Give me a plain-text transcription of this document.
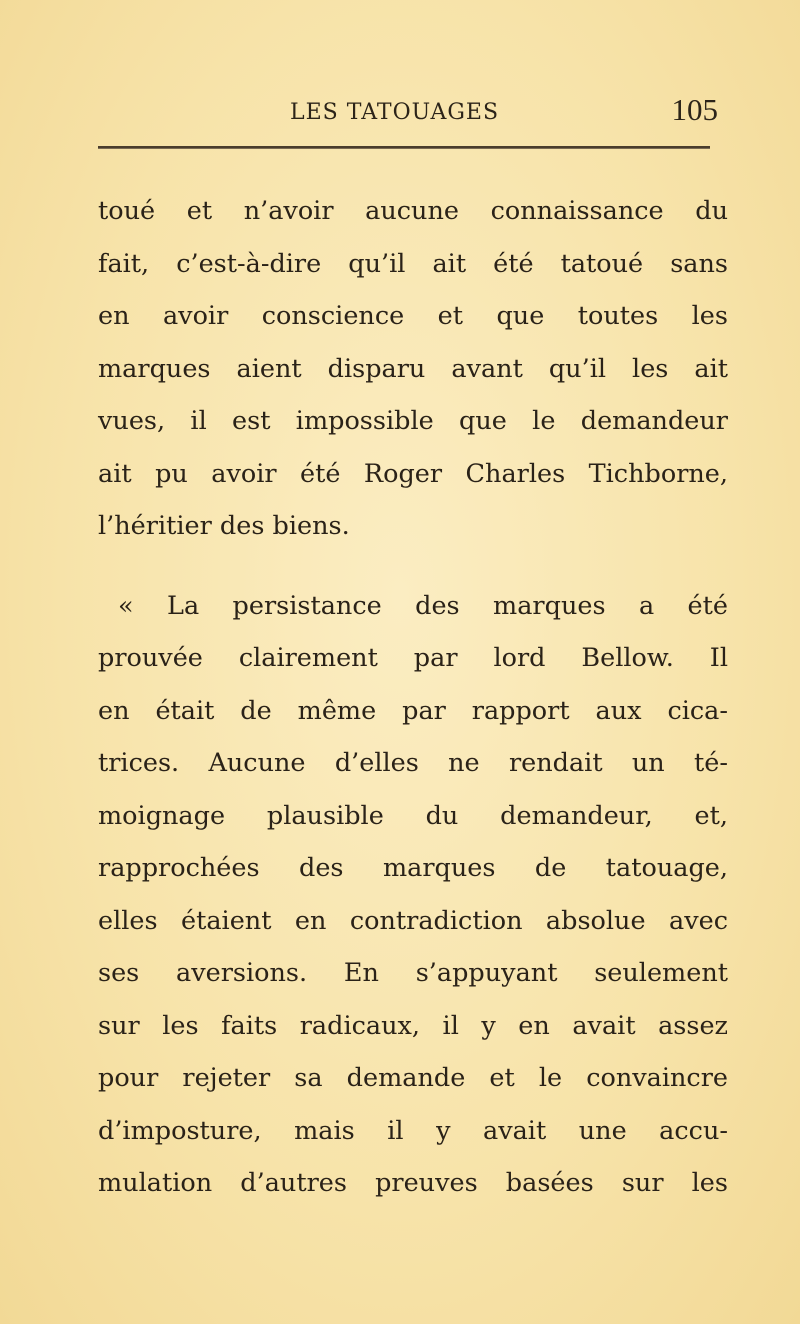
LES TATOUAGES	105
toué et n’avoir aucune connaissance du
fait, c’est-à-dire qu’il ait été tatoué sans
en avoir conscience et que toutes les
marques aient disparu avant qu’il les ait
vues, il est impossible que le demandeur
ait pu avoir été Roger Charles Tichborne,
l’héritier des biens.
« La persistance des marques a été
prouvée clairement par lord Bellow. Il
en était de même par rapport aux cica-
trices. Aucune d’elles ne rendait un té-
moignage plausible du demandeur, et,
rapprochées des marques de tatouage,
elles étaient en contradiction absolue avec
ses aversions. En s’appuyant seulement
sur les faits radicaux, il y en avait assez
pour rejeter sa demande et le convaincre
d’imposture, mais il y avait une accu-
mulation d’autres preuves basées sur les
